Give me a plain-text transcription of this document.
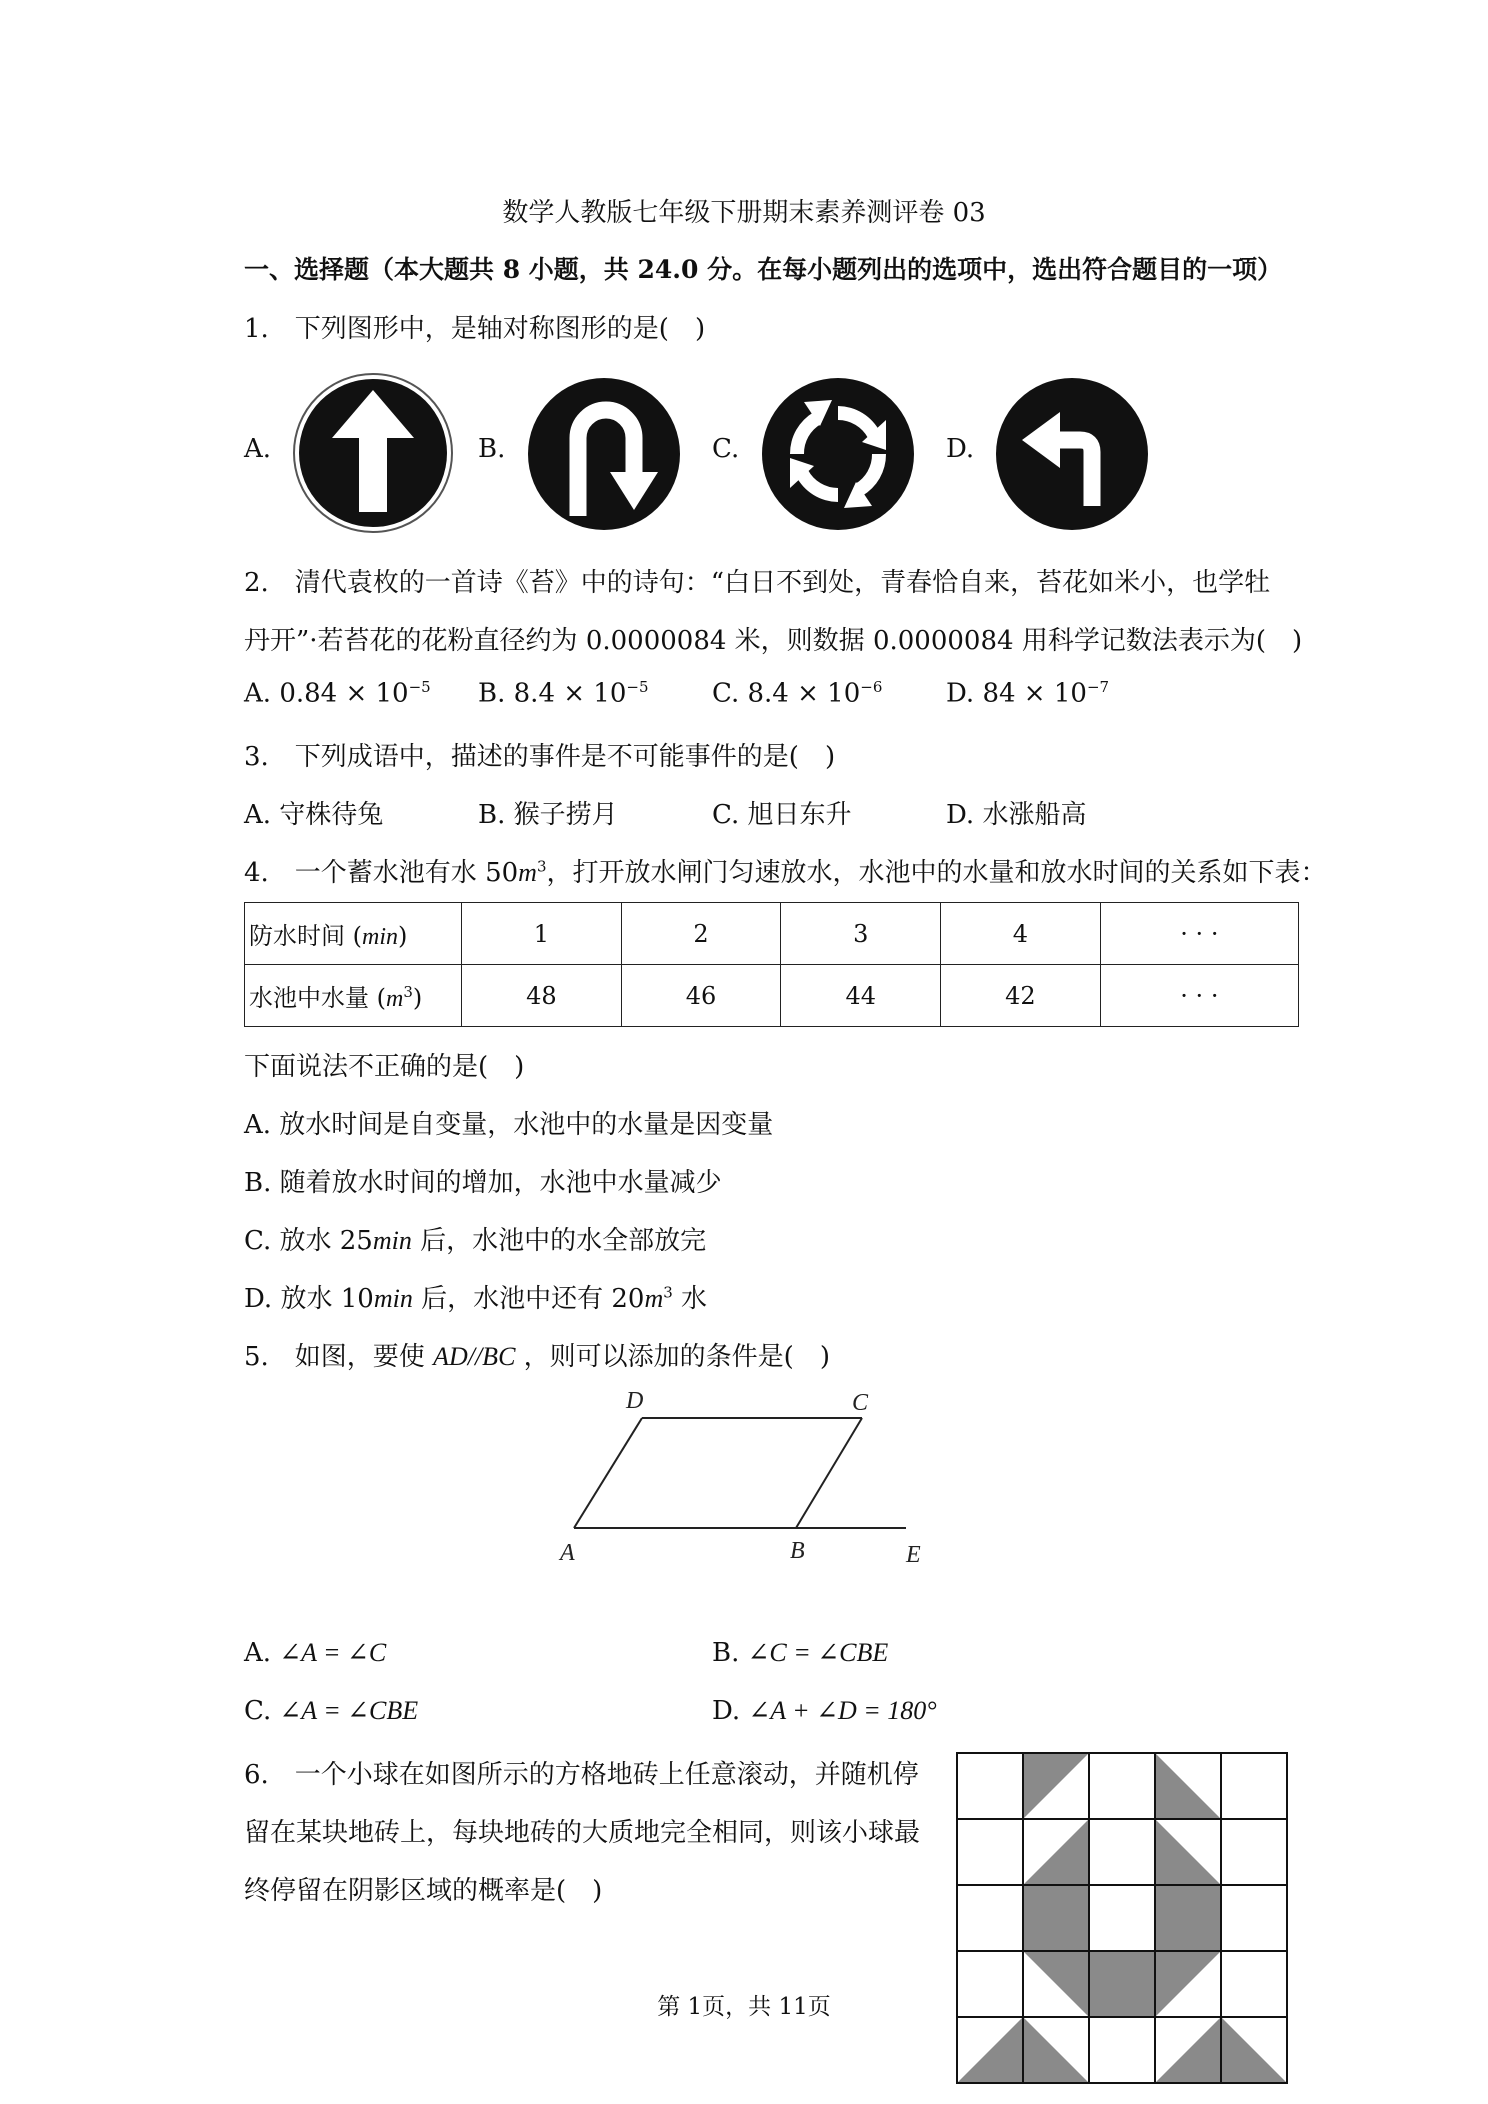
数学人教版七年级下册期末素养测评卷 03
一、选择题（本大题共 8 小题，共 24.0 分。在每小题列出的选项中，选出符合题目的一项）
1.　下列图形中，是轴对称图形的是(　)
A.	B.	C.	D.
2.　清代袁枚的一首诗《苔》中的诗句：“白日不到处，青春恰自来，苔花如米小，也学牡
丹开”·若苔花的花粉直径约为 0.0000084 米，则数据 0.0000084 用科学记数法表示为(　)
A. $0.84 \times 10^{-5}$ B. $8.4 \times 10^{-5}$ C. $8.4 \times 10^{-6}$ D. $84 \times 10^{-7}$
3.　下列成语中，描述的事件是不可能事件的是(　)
A. 守株待兔	B. 猴子捞月	C. 旭日东升	D. 水涨船高
4.　一个蓄水池有水 $50m^3$，打开放水闸门匀速放水，水池中的水量和放水时间的关系如下表：
防水时间 (min)	1	2	3	4	· · ·
水池中水量 $(m^3)$	48	46	44	42	· · ·
下面说法不正确的是(　)
A. 放水时间是自变量，水池中的水量是因变量
B. 随着放水时间的增加，水池中水量减少
C. 放水 25min 后，水池中的水全部放完
D. 放水 10min 后，水池中还有 $20m^3$ 水
5.　如图，要使 AD//BC ，则可以添加的条件是(　)
A	B
C
D
E
A. ∠A = ∠C	B. ∠C = ∠CBE
C. ∠A = ∠CBE	D. ∠A + ∠D = 180°
6.　一个小球在如图所示的方格地砖上任意滚动，并随机停
留在某块地砖上，每块地砖的大质地完全相同，则该小球最
终停留在阴影区域的概率是(　)
第 1页，共 11页
